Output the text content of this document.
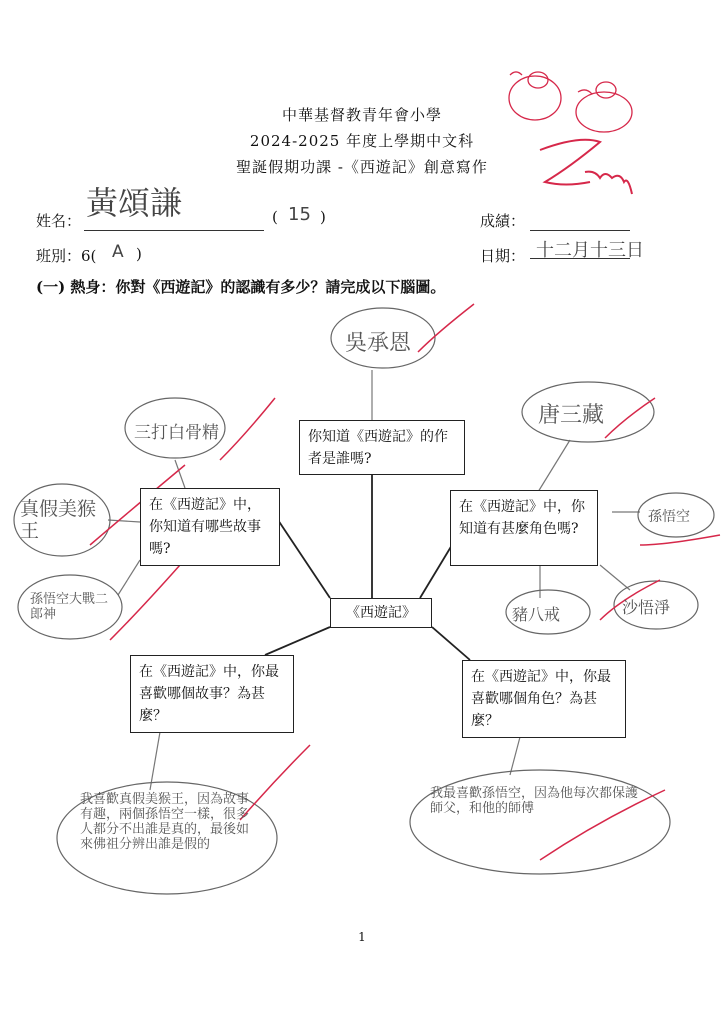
中華基督教青年會小學
2024-2025 年度上學期中文科
聖誕假期功課 -《西遊記》創意寫作
姓名： 黃頌謙	( 15 )	成績：
班別：6( A )	日期： 十二月十三日
(一) 熱身：你對《西遊記》的認識有多少？請完成以下腦圖。
吳承恩
三打白骨精
真假美猴王
孫悟空大戰二郎神
唐三藏
孫悟空
豬八戒	沙悟淨
我喜歡真假美猴王，因為故事有趣，兩個孫悟空一樣，很多人都分不出誰是真的，最後如來佛祖分辨出誰是假的
我最喜歡孫悟空，因為他每次都保護師父，和他的師傅
你知道《西遊記》的作者是誰嗎?
在《西遊記》中，你知道有哪些故事嗎?
在《西遊記》中，你知道有甚麼角色嗎?
《西遊記》
在《西遊記》中，你最喜歡哪個故事？為甚麼？
在《西遊記》中，你最喜歡哪個角色？為甚麼？
1
